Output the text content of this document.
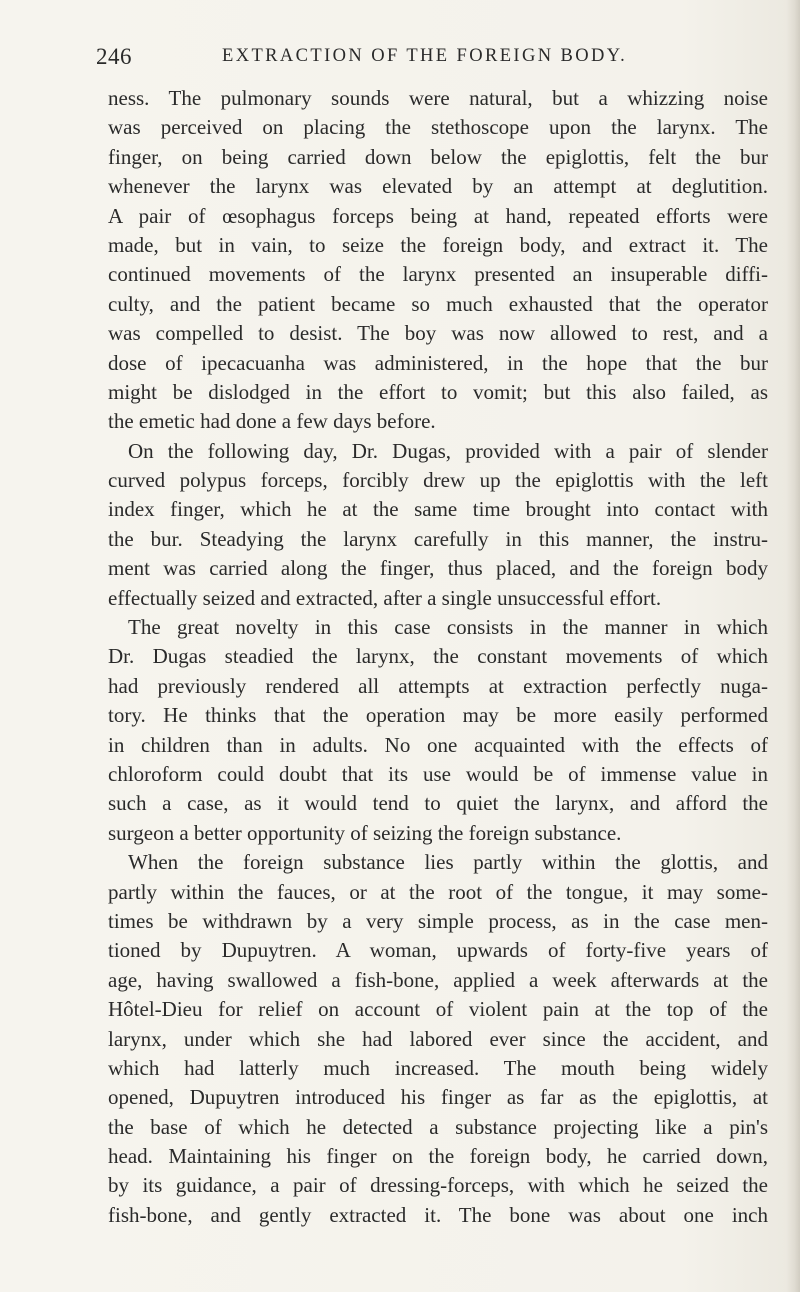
246	EXTRACTION OF THE FOREIGN BODY.
ness. The pulmonary sounds were natural, but a whizzing noise
was perceived on placing the stethoscope upon the larynx. The
finger, on being carried down below the epiglottis, felt the bur
whenever the larynx was elevated by an attempt at deglutition.
A pair of œsophagus forceps being at hand, repeated efforts were
made, but in vain, to seize the foreign body, and extract it. The
continued movements of the larynx presented an insuperable diffi-
culty, and the patient became so much exhausted that the operator
was compelled to desist. The boy was now allowed to rest, and a
dose of ipecacuanha was administered, in the hope that the bur
might be dislodged in the effort to vomit; but this also failed, as
the emetic had done a few days before.
On the following day, Dr. Dugas, provided with a pair of slender
curved polypus forceps, forcibly drew up the epiglottis with the left
index finger, which he at the same time brought into contact with
the bur. Steadying the larynx carefully in this manner, the instru-
ment was carried along the finger, thus placed, and the foreign body
effectually seized and extracted, after a single unsuccessful effort.
The great novelty in this case consists in the manner in which
Dr. Dugas steadied the larynx, the constant movements of which
had previously rendered all attempts at extraction perfectly nuga-
tory. He thinks that the operation may be more easily performed
in children than in adults. No one acquainted with the effects of
chloroform could doubt that its use would be of immense value in
such a case, as it would tend to quiet the larynx, and afford the
surgeon a better opportunity of seizing the foreign substance.
When the foreign substance lies partly within the glottis, and
partly within the fauces, or at the root of the tongue, it may some-
times be withdrawn by a very simple process, as in the case men-
tioned by Dupuytren. A woman, upwards of forty-five years of
age, having swallowed a fish-bone, applied a week afterwards at the
Hôtel-Dieu for relief on account of violent pain at the top of the
larynx, under which she had labored ever since the accident, and
which had latterly much increased. The mouth being widely
opened, Dupuytren introduced his finger as far as the epiglottis, at
the base of which he detected a substance projecting like a pin's
head. Maintaining his finger on the foreign body, he carried down,
by its guidance, a pair of dressing-forceps, with which he seized the
fish-bone, and gently extracted it. The bone was about one inch
